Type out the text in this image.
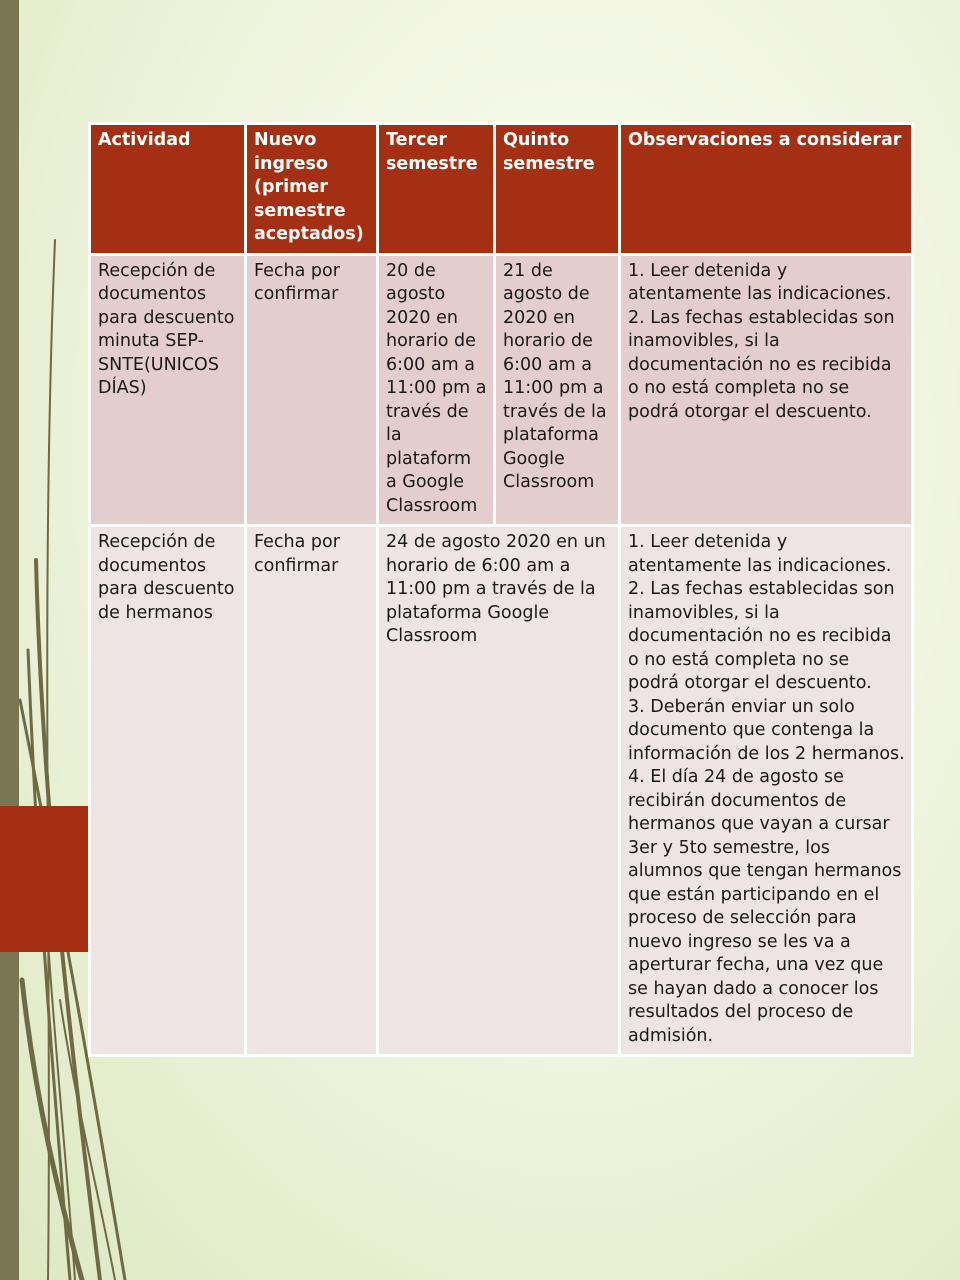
Actividad	Nuevo ingreso (primer semestre aceptados)	Tercer semestre	Quinto semestre	Observaciones a considerar
Recepción de documentos para descuento minuta SEP-SNTE(UNICOS DÍAS)	Fecha por confirmar	20 de agosto 2020 en horario de 6:00 am a 11:00 pm a través de la plataform a Google Classroom	21 de agosto de 2020 en horario de 6:00 am a 11:00 pm a través de la plataforma Google Classroom	1. Leer detenida y atentamente las indicaciones.
2. Las fechas establecidas son inamovibles, si la documentación no es recibida o no está completa no se podrá otorgar el descuento.
Recepción de documentos para descuento de hermanos	Fecha por confirmar	24 de agosto 2020 en un horario de 6:00 am a 11:00 pm a través de la plataforma Google Classroom		1. Leer detenida y atentamente las indicaciones.
2. Las fechas establecidas son inamovibles, si la documentación no es recibida o no está completa no se podrá otorgar el descuento.
3. Deberán enviar un solo documento que contenga la información de los 2 hermanos.
4. El día 24 de agosto se recibirán documentos de hermanos que vayan a cursar 3er y 5to semestre, los alumnos que tengan hermanos que están participando en el proceso de selección para nuevo ingreso se les va a aperturar fecha, una vez que se hayan dado a conocer los resultados del proceso de admisión.
